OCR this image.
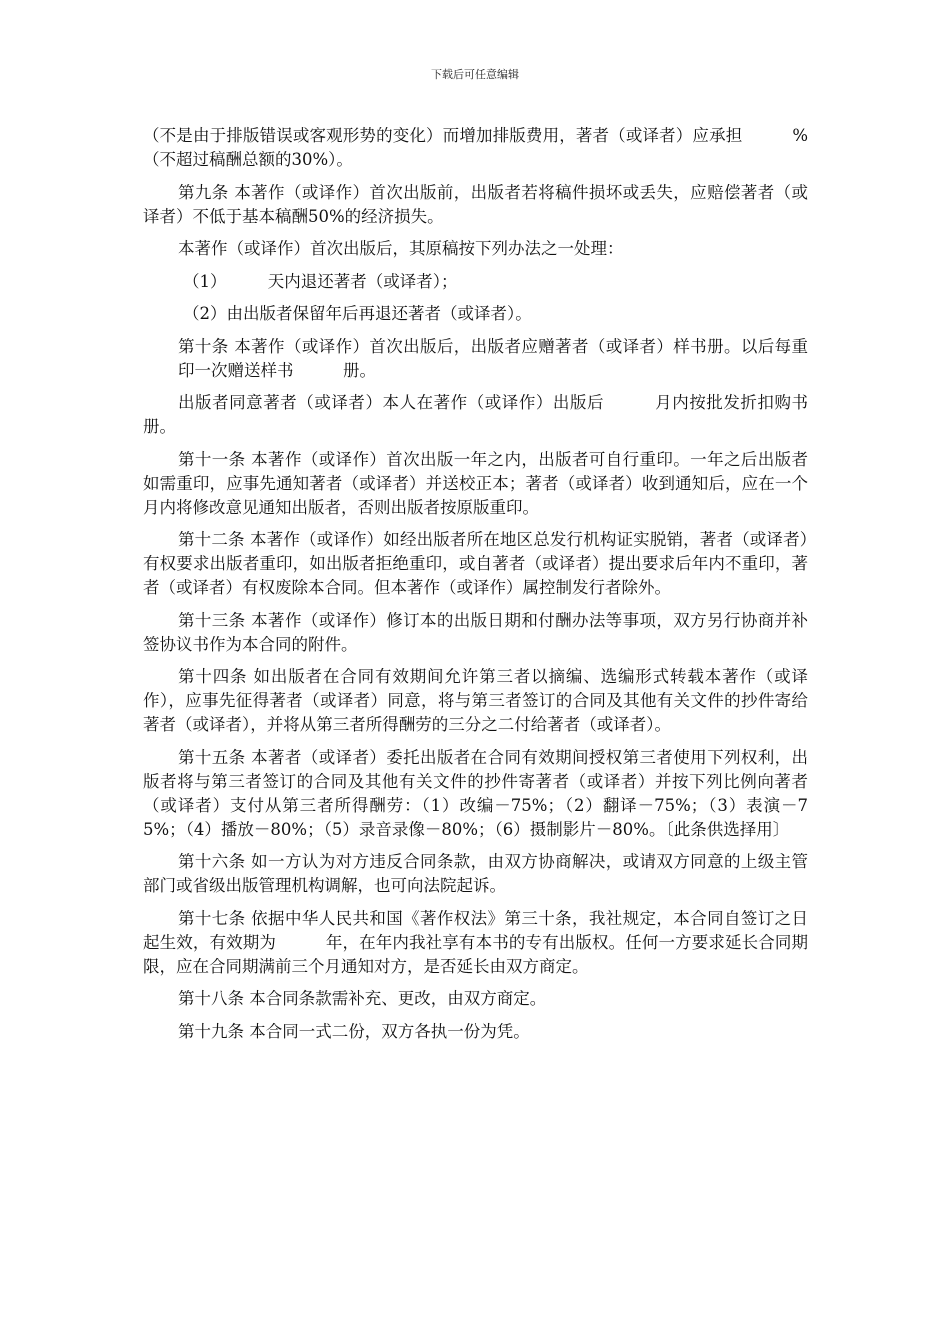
下载后可任意编辑

（不是由于排版错误或客观形势的变化）而增加排版费用，著者（或译者）应承担　　　%（不超过稿酬总额的30%）。

第九条 本著作（或译作）首次出版前，出版者若将稿件损坏或丢失，应赔偿著者（或译者）不低于基本稿酬50%的经济损失。

本著作（或译作）首次出版后，其原稿按下列办法之一处理：

（1）　　　天内退还著者（或译者）；

（2）由出版者保留年后再退还著者（或译者）。

第十条 本著作（或译作）首次出版后，出版者应赠著者（或译者）样书册。以后每重印一次赠送样书　　　册。

出版者同意著者（或译者）本人在著作（或译作）出版后　　　月内按批发折扣购书册。

第十一条 本著作（或译作）首次出版一年之内，出版者可自行重印。一年之后出版者如需重印，应事先通知著者（或译者）并送校正本；著者（或译者）收到通知后，应在一个月内将修改意见通知出版者，否则出版者按原版重印。

第十二条 本著作（或译作）如经出版者所在地区总发行机构证实脱销，著者（或译者）有权要求出版者重印，如出版者拒绝重印，或自著者（或译者）提出要求后年内不重印，著者（或译者）有权废除本合同。但本著作（或译作）属控制发行者除外。

第十三条 本著作（或译作）修订本的出版日期和付酬办法等事项，双方另行协商并补签协议书作为本合同的附件。

第十四条 如出版者在合同有效期间允许第三者以摘编、选编形式转载本著作（或译作），应事先征得著者（或译者）同意，将与第三者签订的合同及其他有关文件的抄件寄给著者（或译者），并将从第三者所得酬劳的三分之二付给著者（或译者）。

第十五条 本著者（或译者）委托出版者在合同有效期间授权第三者使用下列权利，出版者将与第三者签订的合同及其他有关文件的抄件寄著者（或译者）并按下列比例向著者（或译者）支付从第三者所得酬劳：（1）改编－75%；（2）翻译－75%；（3）表演－75%；（4）播放－80%；（5）录音录像－80%；（6）摄制影片－80%。〔此条供选择用〕

第十六条 如一方认为对方违反合同条款，由双方协商解决，或请双方同意的上级主管部门或省级出版管理机构调解，也可向法院起诉。

第十七条 依据中华人民共和国《著作权法》第三十条，我社规定，本合同自签订之日起生效，有效期为　　　年，在年内我社享有本书的专有出版权。任何一方要求延长合同期限，应在合同期满前三个月通知对方，是否延长由双方商定。

第十八条 本合同条款需补充、更改，由双方商定。

第十九条 本合同一式二份，双方各执一份为凭。
